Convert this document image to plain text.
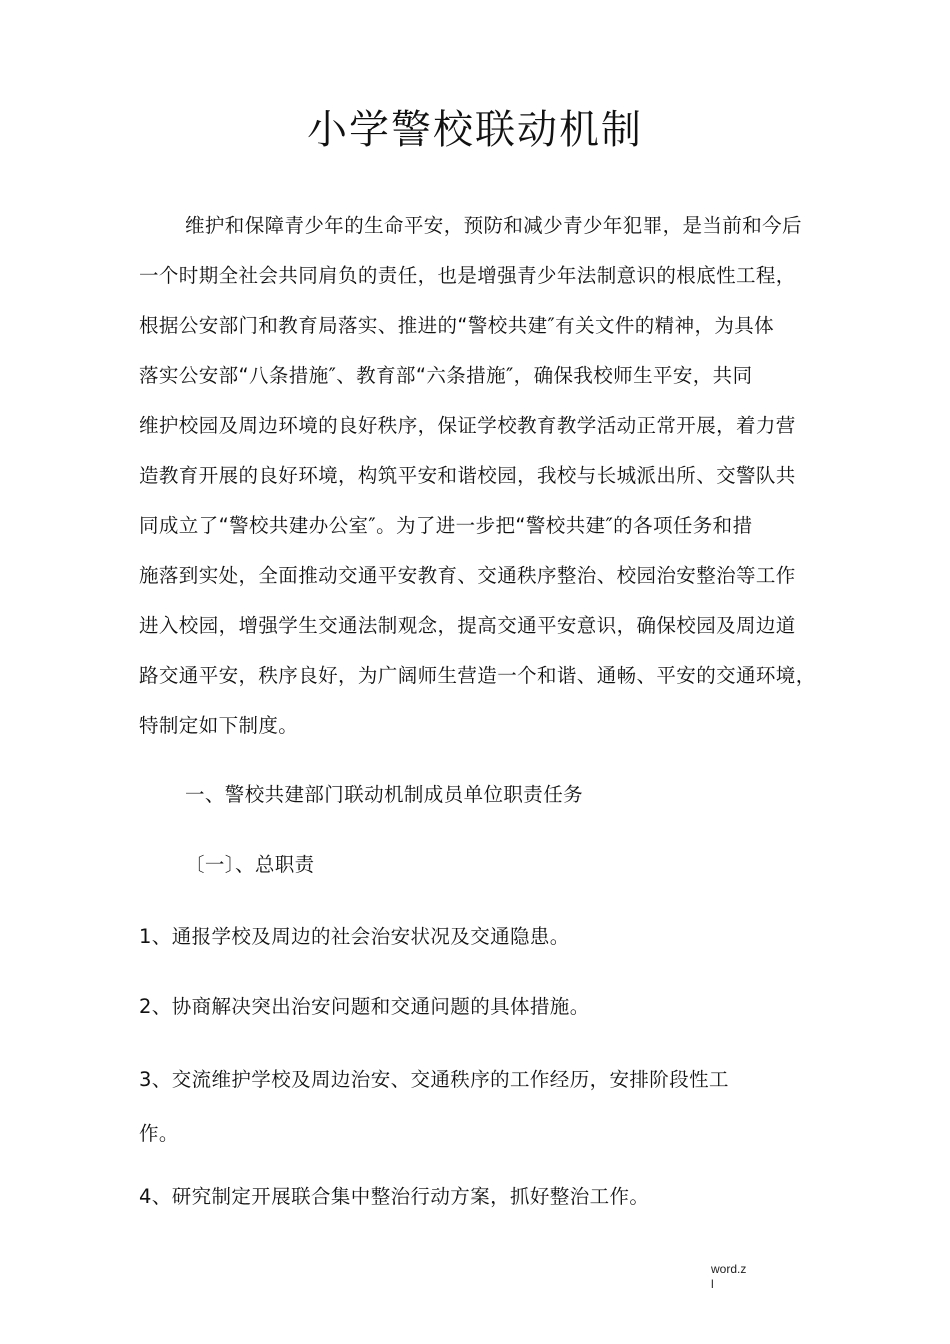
小学警校联动机制
维护和保障青少年的生命平安，预防和减少青少年犯罪，是当前和今后
一个时期全社会共同肩负的责任，也是增强青少年法制意识的根底性工程，
根据公安部门和教育局落实、推进的“警校共建″有关文件的精神，为具体
落实公安部“八条措施″、教育部“六条措施″，确保我校师生平安，共同
维护校园及周边环境的良好秩序，保证学校教育教学活动正常开展，着力营
造教育开展的良好环境，构筑平安和谐校园，我校与长城派出所、交警队共
同成立了“警校共建办公室″。为了进一步把“警校共建″的各项任务和措
施落到实处，全面推动交通平安教育、交通秩序整治、校园治安整治等工作
进入校园，增强学生交通法制观念，提高交通平安意识，确保校园及周边道
路交通平安，秩序良好，为广阔师生营造一个和谐、通畅、平安的交通环境，
特制定如下制度。

一、警校共建部门联动机制成员单位职责任务

〔一〕、总职责

1、通报学校及周边的社会治安状况及交通隐患。

2、协商解决突出治安问题和交通问题的具体措施。

3、交流维护学校及周边治安、交通秩序的工作经历，安排阶段性工

作。

4、研究制定开展联合集中整治行动方案，抓好整治工作。

word.z
l
